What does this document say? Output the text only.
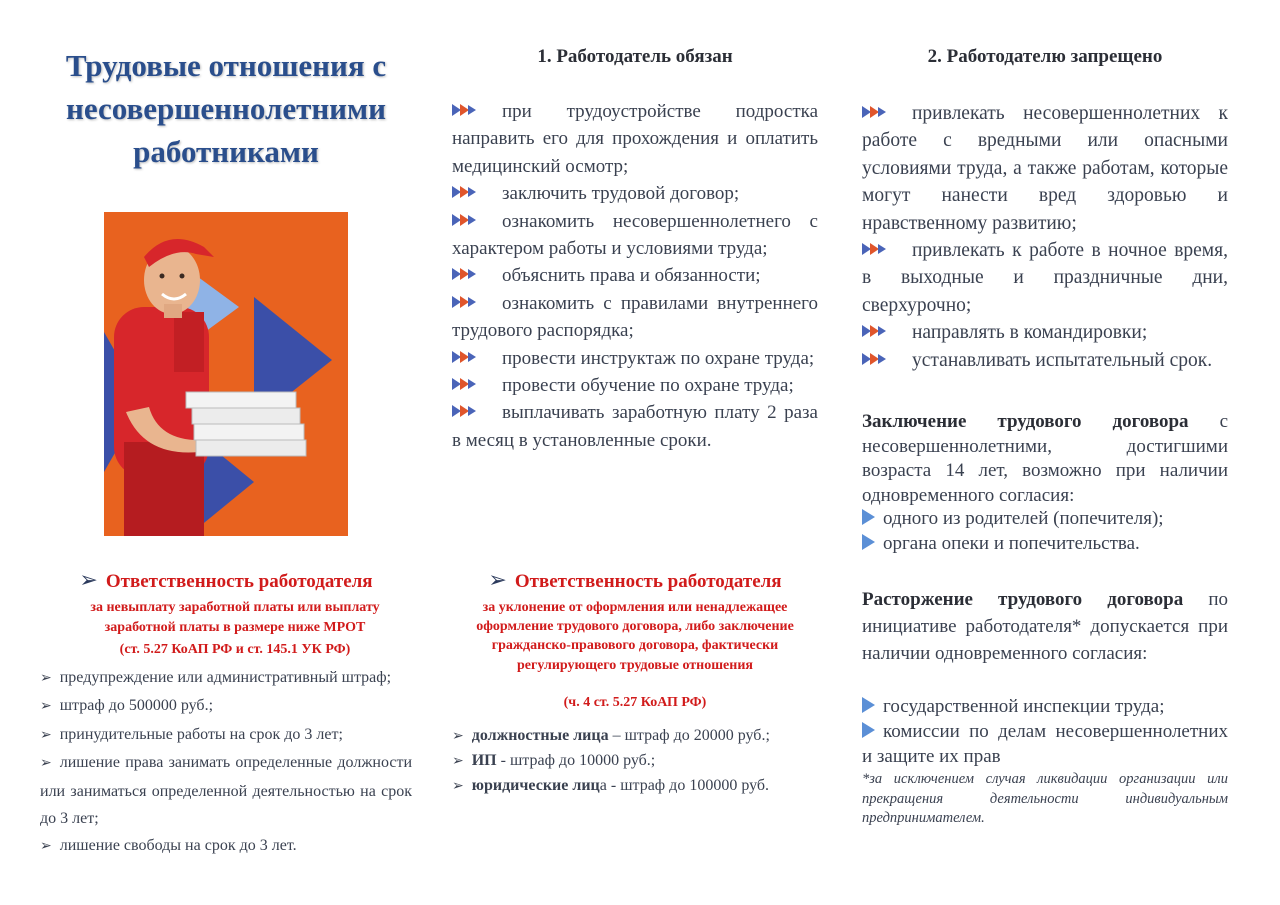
Трудовые отношения с несовершеннолетними работниками
➢ Ответственность работодателя

за невыплату заработной платы или выплату заработной платы в размере ниже МРОТ

(ст. 5.27 КоАП РФ и ст. 145.1 УК РФ)

➢ предупреждение или административный штраф;
➢ штраф до 500000 руб.;
➢ принудительные работы на срок до 3 лет;
➢ лишение права занимать определенные должности или заниматься определенной деятельностью на срок до 3 лет;
➢ лишение свободы на срок до 3 лет.
1. Работодатель обязан
при трудоустройстве подростка направить его для прохождения и оплатить медицинский осмотр;
заключить трудовой договор;
ознакомить несовершеннолетнего с характером работы и условиями труда;
объяснить права и обязанности;
ознакомить с правилами внутреннего трудового распорядка;
провести инструктаж по охране труда;
провести обучение по охране труда;
выплачивать заработную плату 2 раза в месяц в установленные сроки.
➢ Ответственность работодателя

за уклонение от оформления или ненадлежащее оформление трудового договора, либо заключение гражданско-правового договора, фактически регулирующего трудовые отношения

(ч. 4 ст. 5.27 КоАП РФ)

➢ должностные лица – штраф до 20000 руб.;
➢ ИП - штраф до 10000 руб.;
➢ юридические лица - штраф до 100000 руб.
2. Работодателю запрещено
привлекать несовершеннолетних к работе с вредными или опасными условиями труда, а также работам, которые могут нанести вред здоровью и нравственному развитию;
привлекать к работе в ночное время, в выходные и праздничные дни, сверхурочно;
направлять в командировки;
устанавливать испытательный срок.

Заключение трудового договора с несовершеннолетними, достигшими возраста 14 лет, возможно при наличии одновременного согласия:

одного из родителей (попечителя);
органа опеки и попечительства.

Расторжение трудового договора по инициативе работодателя* допускается при наличии одновременного согласия:

государственной инспекции труда;
комиссии по делам несовершеннолетних и защите их прав

*за исключением случая ликвидации организации или прекращения деятельности индивидуальным предпринимателем.
